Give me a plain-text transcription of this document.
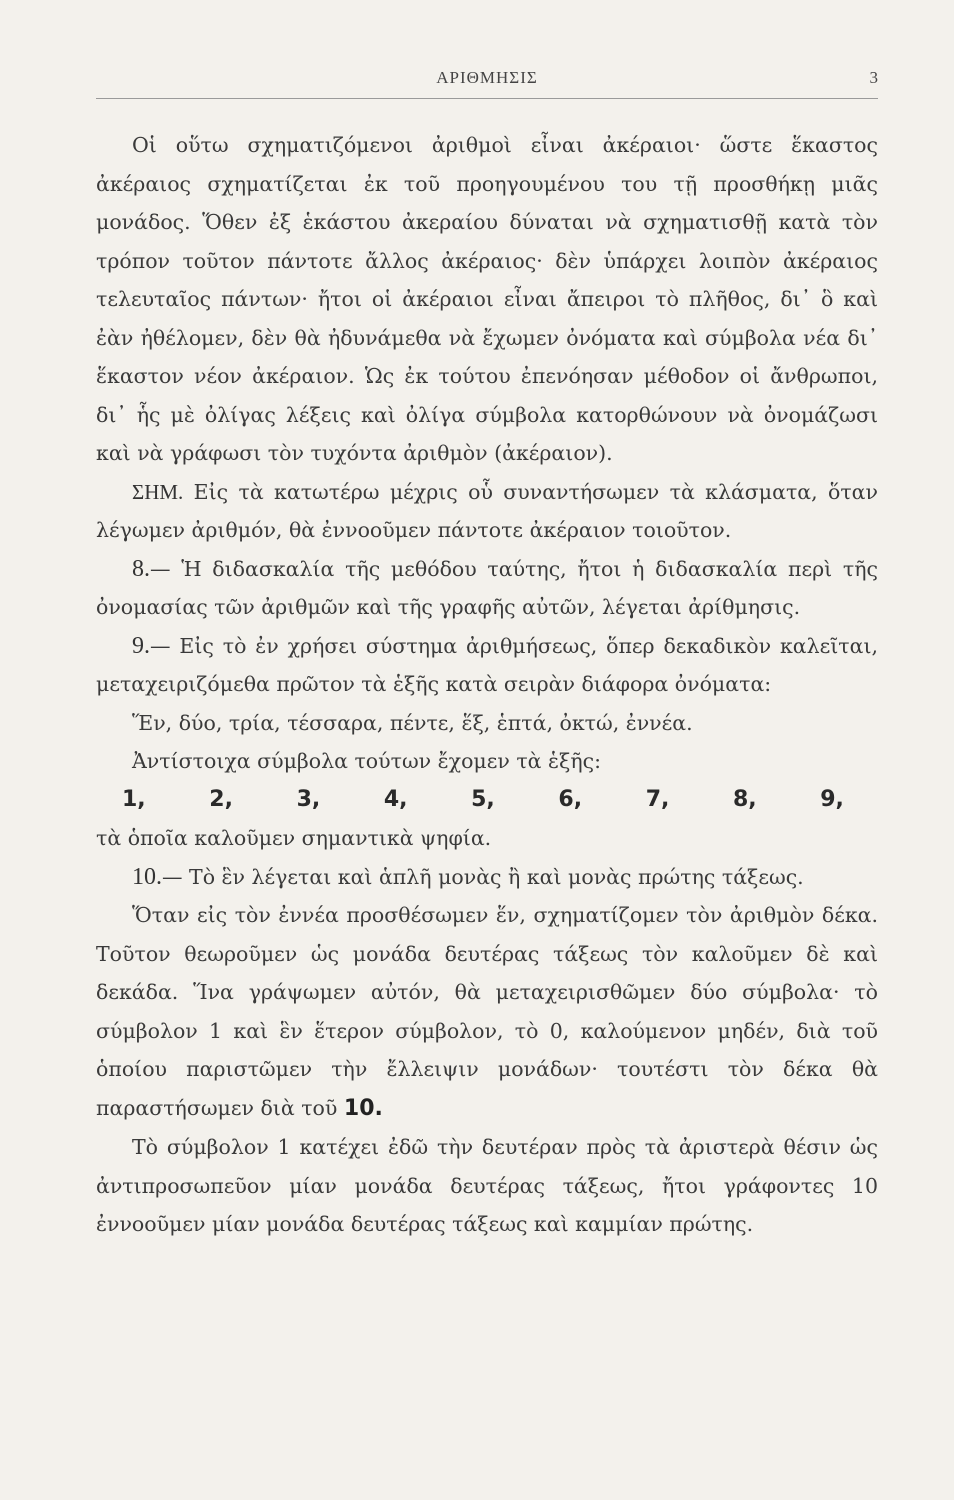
ΑΡΙΘΜΗΣΙΣ	3

Οἱ οὕτω σχηματιζόμενοι ἀριθμοὶ εἶναι ἀκέραιοι· ὥστε ἕκαστος ἀκέραιος σχηματίζεται ἐκ τοῦ προηγουμένου του τῇ προσθήκῃ μιᾶς μονάδος. Ὅθεν ἐξ ἑκάστου ἀκεραίου δύναται νὰ σχηματισθῇ κατὰ τὸν τρόπον τοῦτον πάντοτε ἄλλος ἀκέραιος· δὲν ὑπάρχει λοιπὸν ἀκέραιος τελευταῖος πάντων· ἤτοι οἱ ἀκέραιοι εἶναι ἄπειροι τὸ πλῆθος, δι᾽ ὃ καὶ ἐὰν ἠθέλομεν, δὲν θὰ ἠδυνάμεθα νὰ ἔχωμεν ὀνόματα καὶ σύμβολα νέα δι᾽ ἕκαστον νέον ἀκέραιον. Ὡς ἐκ τούτου ἐπενόησαν μέθοδον οἱ ἄνθρωποι, δι᾽ ἧς μὲ ὀλίγας λέξεις καὶ ὀλίγα σύμβολα κατορθώνουν νὰ ὀνομάζωσι καὶ νὰ γράφωσι τὸν τυχόντα ἀριθμὸν (ἀκέραιον).

ΣΗΜ. Εἰς τὰ κατωτέρω μέχρις οὗ συναντήσωμεν τὰ κλάσματα, ὅταν λέγωμεν ἀριθμόν, θὰ ἐννοοῦμεν πάντοτε ἀκέραιον τοιοῦτον.

8.— Ἡ διδασκαλία τῆς μεθόδου ταύτης, ἤτοι ἡ διδασκαλία περὶ τῆς ὀνομασίας τῶν ἀριθμῶν καὶ τῆς γραφῆς αὐτῶν, λέγεται ἀρίθμησις.

9.— Εἰς τὸ ἐν χρήσει σύστημα ἀριθμήσεως, ὅπερ δεκαδικὸν καλεῖται, μεταχειριζόμεθα πρῶτον τὰ ἑξῆς κατὰ σειρὰν διάφορα ὀνόματα:

Ἕν, δύο, τρία, τέσσαρα, πέντε, ἕξ, ἑπτά, ὀκτώ, ἐννέα.

Ἀντίστοιχα σύμβολα τούτων ἔχομεν τὰ ἑξῆς:

1,	2,	3,	4,	5,	6,	7,	8,	9,

τὰ ὁποῖα καλοῦμεν σημαντικὰ ψηφία.

10.— Τὸ ἓν λέγεται καὶ ἁπλῆ μονὰς ἢ καὶ μονὰς πρώτης τάξεως.

Ὅταν εἰς τὸν ἐννέα προσθέσωμεν ἕν, σχηματίζομεν τὸν ἀριθμὸν δέκα. Τοῦτον θεωροῦμεν ὡς μονάδα δευτέρας τάξεως τὸν καλοῦμεν δὲ καὶ δεκάδα. Ἵνα γράψωμεν αὐτόν, θὰ μεταχειρισθῶμεν δύο σύμβολα· τὸ σύμβολον 1 καὶ ἓν ἕτερον σύμβολον, τὸ 0, καλούμενον μηδέν, διὰ τοῦ ὁποίου παριστῶμεν τὴν ἔλλειψιν μονάδων· τουτέστι τὸν δέκα θὰ παραστήσωμεν διὰ τοῦ 10.

Τὸ σύμβολον 1 κατέχει ἐδῶ τὴν δευτέραν πρὸς τὰ ἀριστερὰ θέσιν ὡς ἀντιπροσωπεῦον μίαν μονάδα δευτέρας τάξεως, ἤτοι γράφοντες 10 ἐννοοῦμεν μίαν μονάδα δευτέρας τάξεως καὶ καμμίαν πρώτης.
